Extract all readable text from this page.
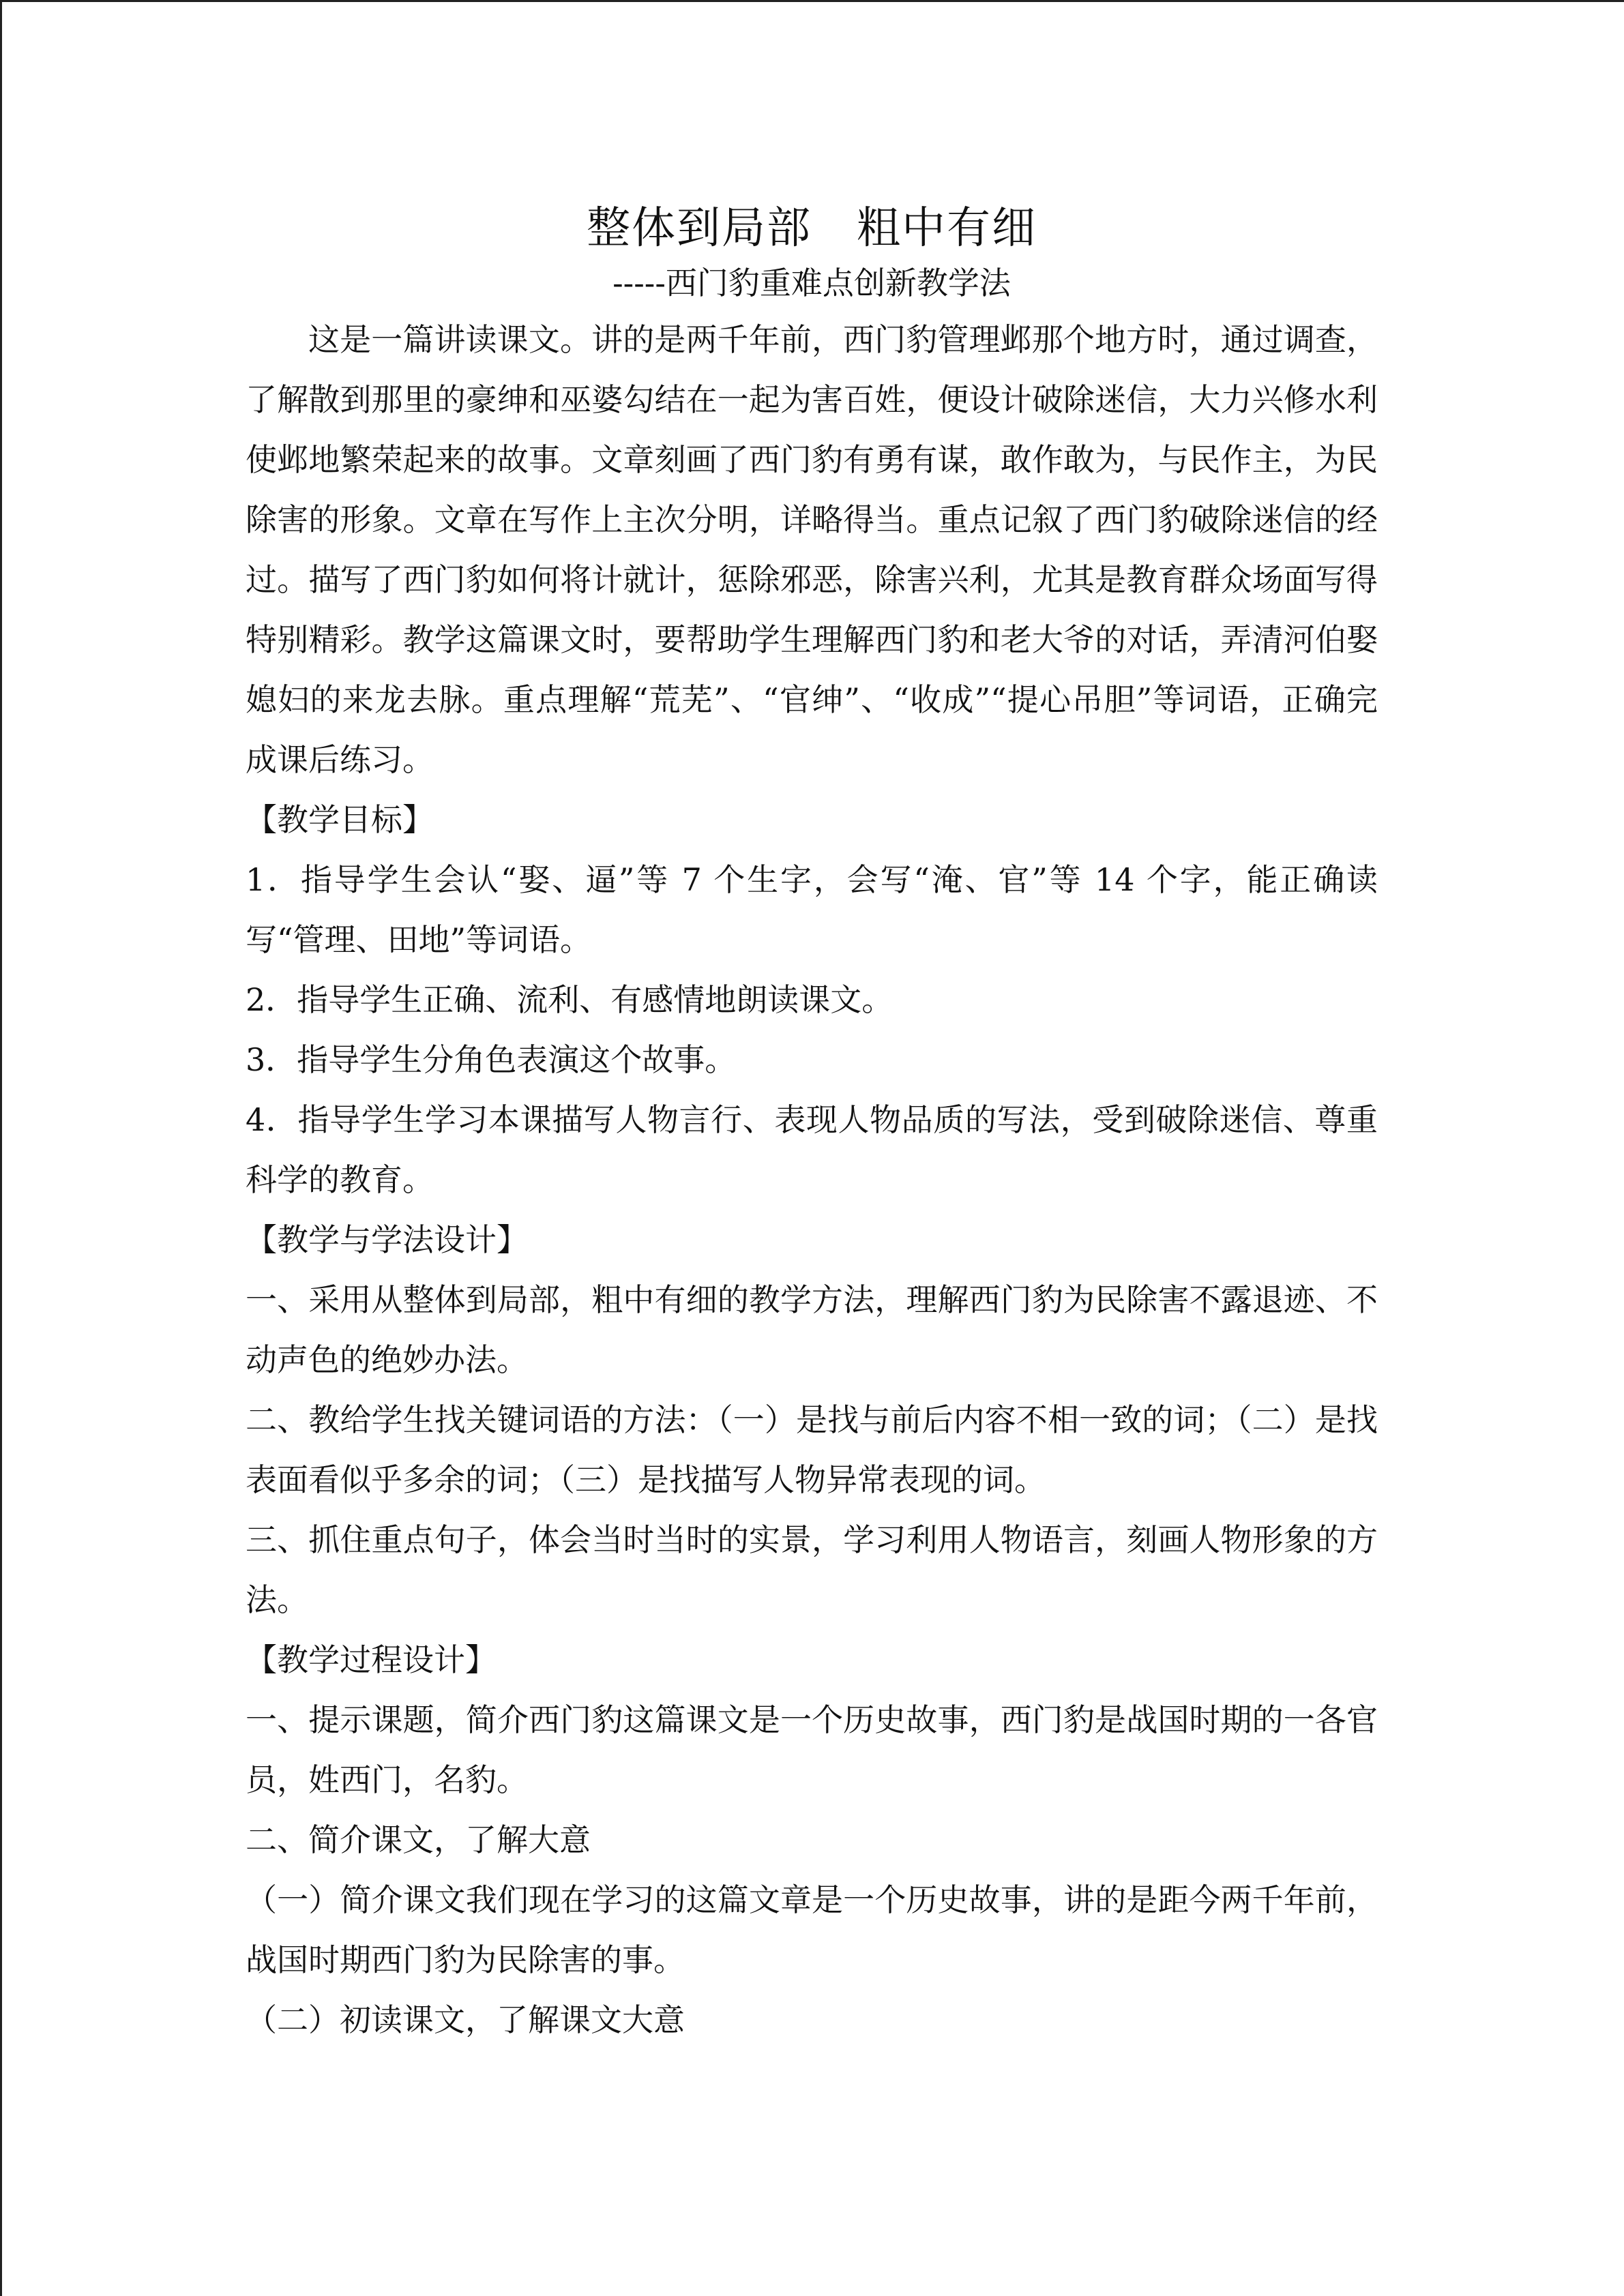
整体到局部　粗中有细

-----西门豹重难点创新教学法

这是一篇讲读课文。讲的是两千年前，西门豹管理邺那个地方时，通过调查，了解散到那里的豪绅和巫婆勾结在一起为害百姓，便设计破除迷信，大力兴修水利使邺地繁荣起来的故事。文章刻画了西门豹有勇有谋，敢作敢为，与民作主，为民除害的形象。文章在写作上主次分明，详略得当。重点记叙了西门豹破除迷信的经过。描写了西门豹如何将计就计，惩除邪恶，除害兴利，尤其是教育群众场面写得特别精彩。教学这篇课文时，要帮助学生理解西门豹和老大爷的对话，弄清河伯娶媳妇的来龙去脉。重点理解“荒芜”、“官绅”、“收成”“提心吊胆”等词语，正确完成课后练习。

【教学目标】

1．指导学生会认“娶、逼”等 7 个生字，会写“淹、官”等 14 个字，能正确读写“管理、田地”等词语。

2．指导学生正确、流利、有感情地朗读课文。

3．指导学生分角色表演这个故事。

4．指导学生学习本课描写人物言行、表现人物品质的写法，受到破除迷信、尊重科学的教育。

【教学与学法设计】

一、采用从整体到局部，粗中有细的教学方法，理解西门豹为民除害不露退迹、不动声色的绝妙办法。

二、教给学生找关键词语的方法：（一）是找与前后内容不相一致的词；（二）是找表面看似乎多余的词；（三）是找描写人物异常表现的词。

三、抓住重点句子，体会当时当时的实景，学习利用人物语言，刻画人物形象的方法。

【教学过程设计】

一、提示课题，简介西门豹这篇课文是一个历史故事，西门豹是战国时期的一各官员，姓西门，名豹。

二、简介课文，了解大意

（一）简介课文我们现在学习的这篇文章是一个历史故事，讲的是距今两千年前，战国时期西门豹为民除害的事。

（二）初读课文，了解课文大意
